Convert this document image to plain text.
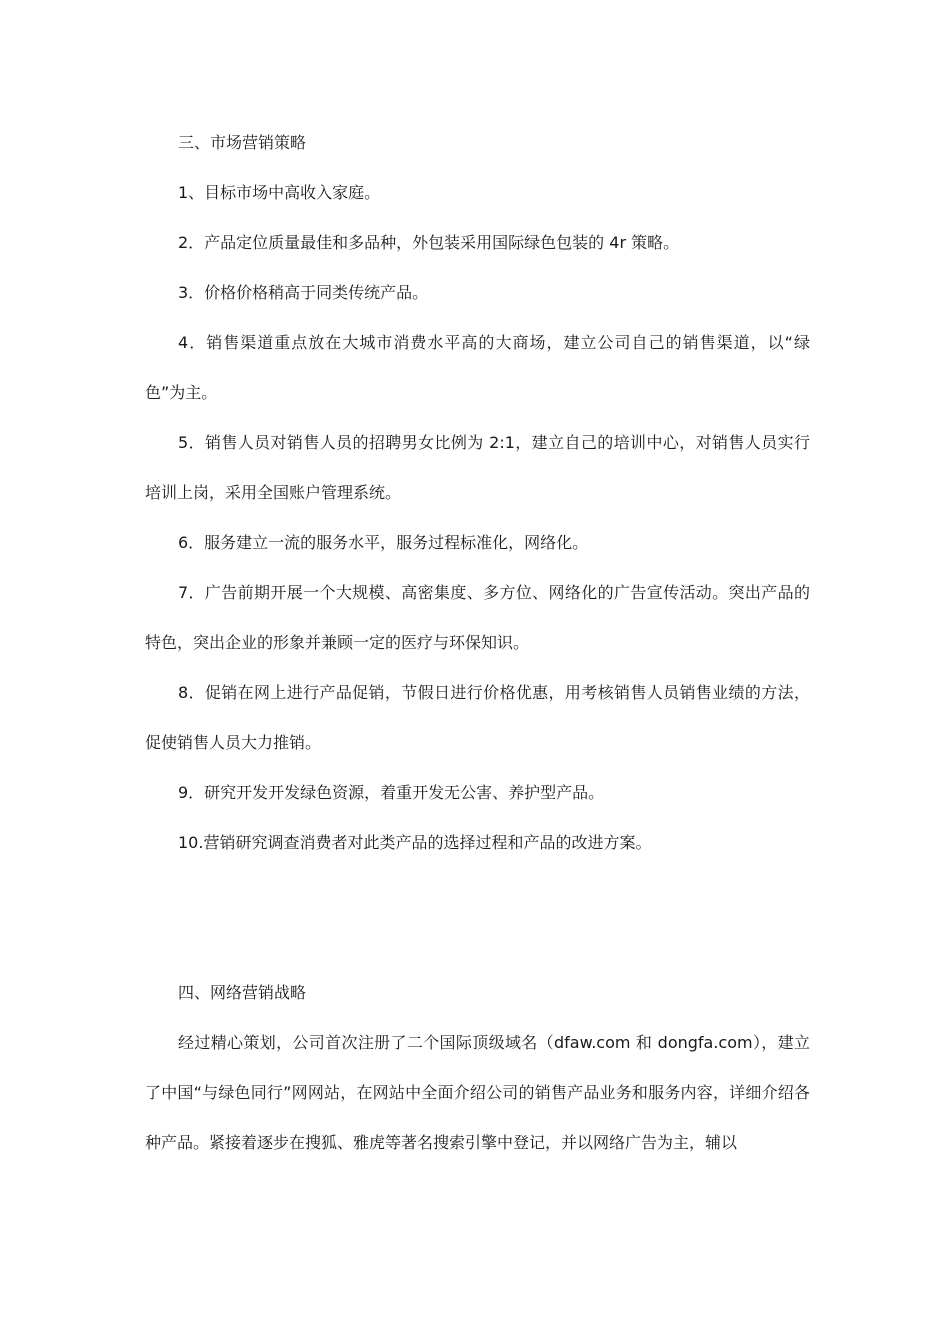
三、市场营销策略

1、目标市场中高收入家庭。

2．产品定位质量最佳和多品种，外包装采用国际绿色包装的 4r 策略。

3．价格价格稍高于同类传统产品。

4．销售渠道重点放在大城市消费水平高的大商场，建立公司自己的销售渠道，以“绿色”为主。

5．销售人员对销售人员的招聘男女比例为 2:1，建立自己的培训中心，对销售人员实行培训上岗，采用全国账户管理系统。

6．服务建立一流的服务水平，服务过程标准化，网络化。

7．广告前期开展一个大规模、高密集度、多方位、网络化的广告宣传活动。突出产品的特色，突出企业的形象并兼顾一定的医疗与环保知识。

8．促销在网上进行产品促销，节假日进行价格优惠，用考核销售人员销售业绩的方法，促使销售人员大力推销。

9．研究开发开发绿色资源，着重开发无公害、养护型产品。

10.营销研究调查消费者对此类产品的选择过程和产品的改进方案。

四、网络营销战略

经过精心策划，公司首次注册了二个国际顶级域名（dfaw.com 和 dongfa.com），建立了中国“与绿色同行”网网站，在网站中全面介绍公司的销售产品业务和服务内容，详细介绍各种产品。紧接着逐步在搜狐、雅虎等著名搜索引擎中登记，并以网络广告为主，辅以
